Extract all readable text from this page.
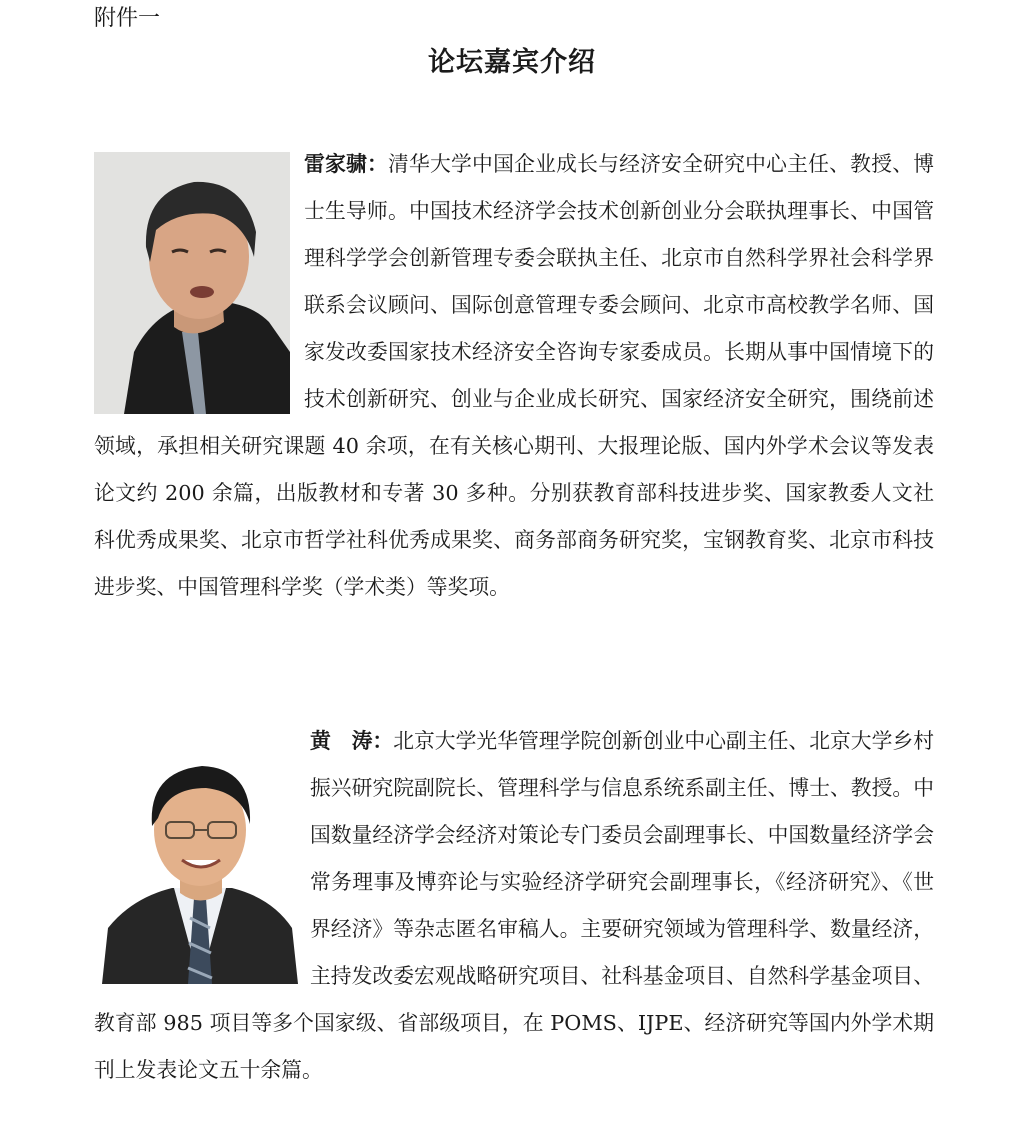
附件一
论坛嘉宾介绍
雷家骕：清华大学中国企业成长与经济安全研究中心主任、教授、博士生导师。中国技术经济学会技术创新创业分会联执理事长、中国管理科学学会创新管理专委会联执主任、北京市自然科学界社会科学界联系会议顾问、国际创意管理专委会顾问、北京市高校教学名师、国家发改委国家技术经济安全咨询专家委成员。长期从事中国情境下的技术创新研究、创业与企业成长研究、国家经济安全研究，围绕前述领域，承担相关研究课题 40 余项，在有关核心期刊、大报理论版、国内外学术会议等发表论文约 200 余篇，出版教材和专著 30 多种。分别获教育部科技进步奖、国家教委人文社科优秀成果奖、北京市哲学社科优秀成果奖、商务部商务研究奖，宝钢教育奖、北京市科技进步奖、中国管理科学奖（学术类）等奖项。
黄　涛：北京大学光华管理学院创新创业中心副主任、北京大学乡村振兴研究院副院长、管理科学与信息系统系副主任、博士、教授。中国数量经济学会经济对策论专门委员会副理事长、中国数量经济学会常务理事及博弈论与实验经济学研究会副理事长，《经济研究》、《世界经济》等杂志匿名审稿人。主要研究领域为管理科学、数量经济，主持发改委宏观战略研究项目、社科基金项目、自然科学基金项目、教育部 985 项目等多个国家级、省部级项目，在 POMS、IJPE、经济研究等国内外学术期刊上发表论文五十余篇。
